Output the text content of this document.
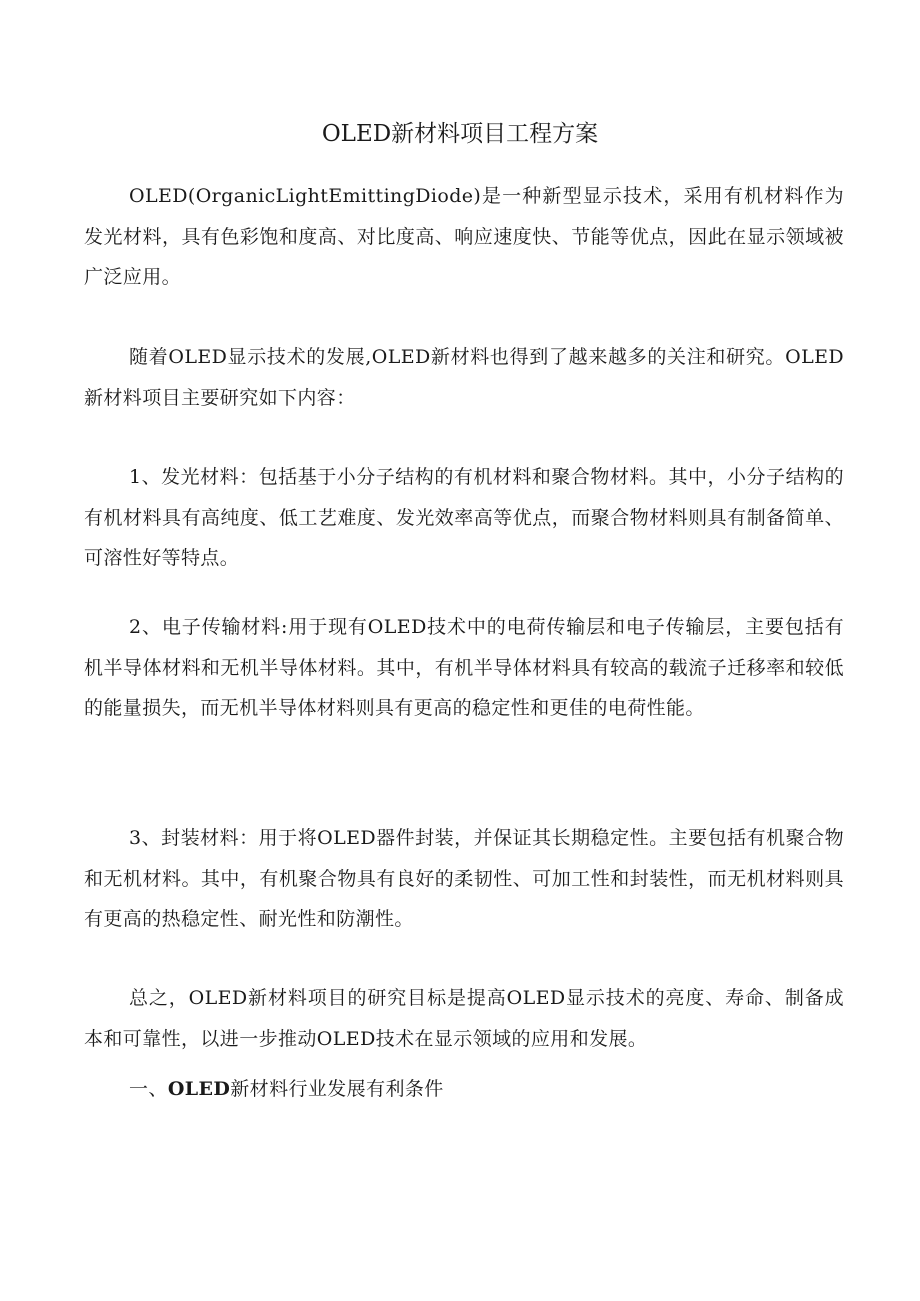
OLED新材料项目工程方案

OLED(OrganicLightEmittingDiode)是一种新型显示技术，采用有机材料作为发光材料，具有色彩饱和度高、对比度高、响应速度快、节能等优点，因此在显示领域被广泛应用。

随着OLED显示技术的发展,OLED新材料也得到了越来越多的关注和研究。OLED新材料项目主要研究如下内容：

1、发光材料：包括基于小分子结构的有机材料和聚合物材料。其中，小分子结构的有机材料具有高纯度、低工艺难度、发光效率高等优点，而聚合物材料则具有制备简单、可溶性好等特点。

2、电子传输材料:用于现有OLED技术中的电荷传输层和电子传输层，主要包括有机半导体材料和无机半导体材料。其中，有机半导体材料具有较高的载流子迁移率和较低的能量损失，而无机半导体材料则具有更高的稳定性和更佳的电荷性能。

3、封装材料：用于将OLED器件封装，并保证其长期稳定性。主要包括有机聚合物和无机材料。其中，有机聚合物具有良好的柔韧性、可加工性和封装性，而无机材料则具有更高的热稳定性、耐光性和防潮性。

总之，OLED新材料项目的研究目标是提高OLED显示技术的亮度、寿命、制备成本和可靠性，以进一步推动OLED技术在显示领域的应用和发展。

一、OLED新材料行业发展有利条件
